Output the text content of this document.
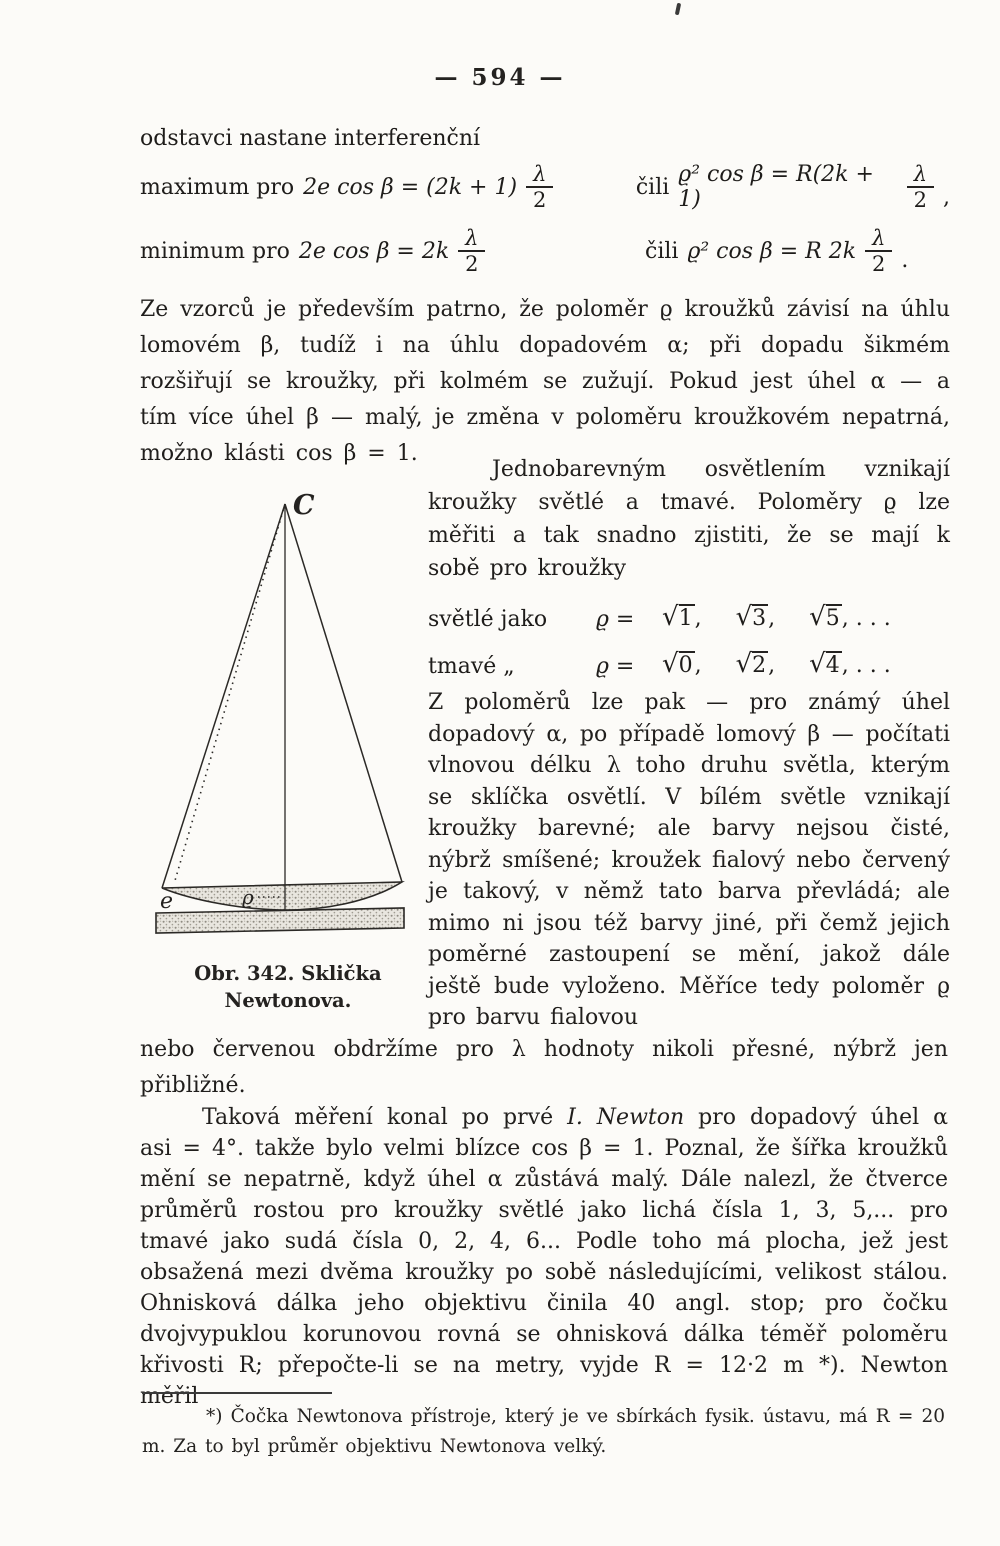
— 594 —
odstavci nastane interferenční
maximum pro 2e $\cos \beta = (2k + 1) \frac{\lambda}{2}$	čili ϱ² cos β = R(2k + 1)	$\frac{\lambda}{2}$ ,
minimum pro 2e $\cos \beta = 2k \frac{\lambda}{2}$	čili ϱ² cos β = R $2k \frac{\lambda}{2}$ .

Ze vzorců je především patrno, že poloměr ϱ kroužků závisí na úhlu lomovém β, tudíž i na úhlu dopadovém α; při dopadu šikmém rozšiřují se kroužky, při kolmém se zužují. Pokud jest úhel α — a tím více úhel β — malý, je změna v poloměru kroužkovém nepatrná, možno klásti cos β = 1.

C
e	ϱ
Obr. 342. Sklička
Newtonova.

Jednobarevným osvětlením vznikají kroužky světlé a tmavé. Poloměry ϱ lze měřiti a tak snadno zjistiti, že se mají k sobě pro kroužky

světlé jako	ϱ =	√1, √3, √5, . . .
tmavé „	ϱ =	√0, √2, √4, . . .

Z poloměrů lze pak — pro známý úhel dopadový α, po případě lomový β — počítati vlnovou délku λ toho druhu světla, kterým se sklíčka osvětlí. V bílém světle vznikají kroužky barevné; ale barvy nejsou čisté, nýbrž smíšené; kroužek fialový nebo červený je takový, v němž tato barva převládá; ale mimo ni jsou též barvy jiné, při čemž jejich poměrné zastoupení se mění, jakož dále ještě bude vyloženo. Měříce tedy poloměr ϱ pro barvu fialovou

nebo červenou obdržíme pro λ hodnoty nikoli přesné, nýbrž jen přibližné.

Taková měření konal po prvé I. Newton pro dopadový úhel α asi = 4°. takže bylo velmi blízce cos β = 1. Poznal, že šířka kroužků mění se nepatrně, když úhel α zůstává malý. Dále nalezl, že čtverce průměrů rostou pro kroužky světlé jako lichá čísla 1, 3, 5,... pro tmavé jako sudá čísla 0, 2, 4, 6... Podle toho má plocha, jež jest obsažená mezi dvěma kroužky po sobě následujícími, velikost stálou. Ohnisková dálka jeho objektivu činila 40 angl. stop; pro čočku dvojvypuklou korunovou rovná se ohnisková dálka téměř poloměru křivosti R; přepočte-li se na metry, vyjde R = 12·2 m *). Newton měřil

*) Čočka Newtonova přístroje, který je ve sbírkách fysik. ústavu, má R = 20 m. Za to byl průměr objektivu Newtonova velký.
